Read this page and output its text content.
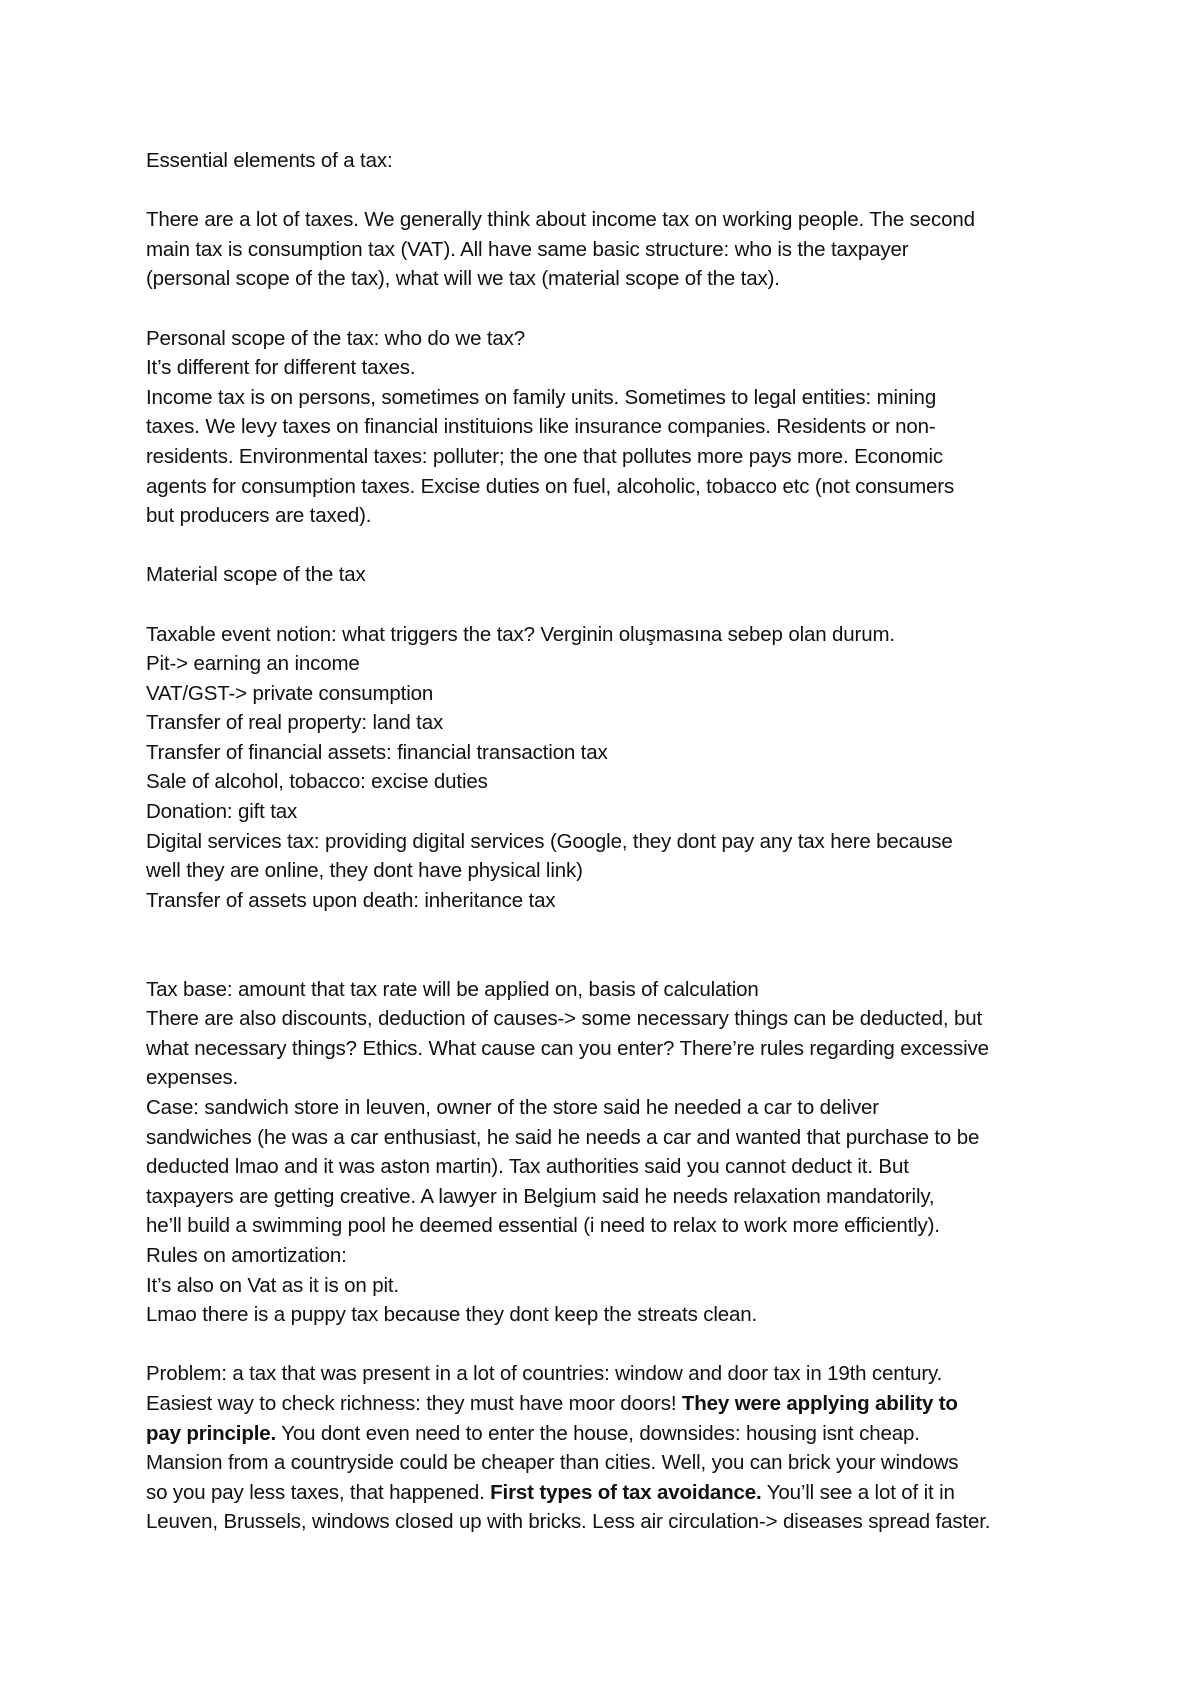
Essential elements of a tax:

There are a lot of taxes. We generally think about income tax on working people. The second

main tax is consumption tax (VAT). All have same basic structure: who is the taxpayer

(personal scope of the tax), what will we tax (material scope of the tax).

Personal scope of the tax: who do we tax?

It’s different for different taxes.

Income tax is on persons, sometimes on family units. Sometimes to legal entities: mining

taxes. We levy taxes on financial instituions like insurance companies. Residents or non-

residents. Environmental taxes: polluter; the one that pollutes more pays more. Economic

agents for consumption taxes. Excise duties on fuel, alcoholic, tobacco etc (not consumers

but producers are taxed).

Material scope of the tax

Taxable event notion: what triggers the tax? Verginin oluşmasına sebep olan durum.

Pit-> earning an income

VAT/GST-> private consumption

Transfer of real property: land tax

Transfer of financial assets: financial transaction tax

Sale of alcohol, tobacco: excise duties

Donation: gift tax

Digital services tax: providing digital services (Google, they dont pay any tax here because

well they are online, they dont have physical link)

Transfer of assets upon death: inheritance tax

Tax base: amount that tax rate will be applied on, basis of calculation

There are also discounts, deduction of causes-> some necessary things can be deducted, but

what necessary things? Ethics. What cause can you enter? There’re rules regarding excessive

expenses.

Case: sandwich store in leuven, owner of the store said he needed a car to deliver

sandwiches (he was a car enthusiast, he said he needs a car and wanted that purchase to be

deducted lmao and it was aston martin). Tax authorities said you cannot deduct it. But

taxpayers are getting creative. A lawyer in Belgium said he needs relaxation mandatorily,

he’ll build a swimming pool he deemed essential (i need to relax to work more efficiently).

Rules on amortization:

It’s also on Vat as it is on pit.

Lmao there is a puppy tax because they dont keep the streats clean.

Problem: a tax that was present in a lot of countries: window and door tax in 19th century.

Easiest way to check richness: they must have moor doors! They were applying ability to

pay principle. You dont even need to enter the house, downsides: housing isnt cheap.

Mansion from a countryside could be cheaper than cities. Well, you can brick your windows

so you pay less taxes, that happened. First types of tax avoidance. You’ll see a lot of it in

Leuven, Brussels, windows closed up with bricks. Less air circulation-> diseases spread faster.
